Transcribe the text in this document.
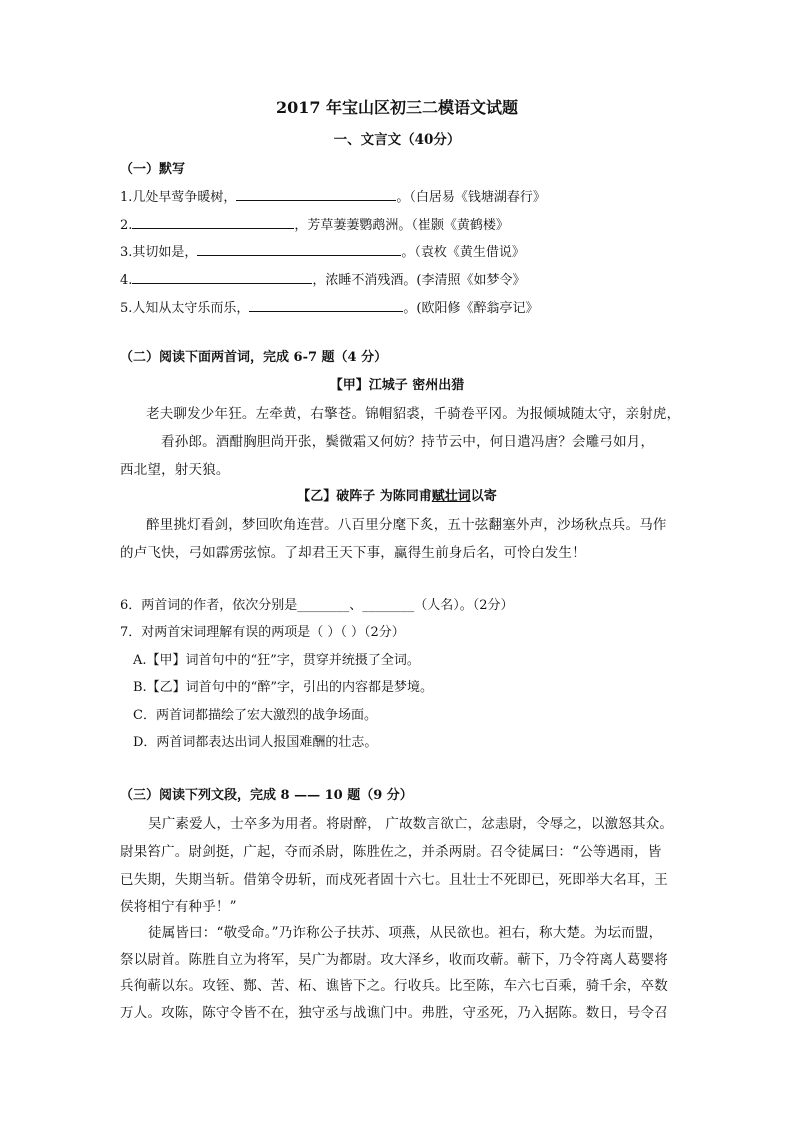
2017 年宝山区初三二模语文试题
一、文言文（40分）
（一）默写
1.几处早莺争暖树，	。（白居易《钱塘湖春行》
2.	，芳草萋萋鹦鹉洲。（崔颢《黄鹤楼》
3.其切如是，	。（袁枚《黄生借说》
4.	，浓睡不消残酒。(李清照《如梦令》
5.人知从太守乐而乐，	。(欧阳修《醉翁亭记》
（二）阅读下面两首词，完成 6-7 题（4 分）
【甲】江城子 密州出猎
老夫聊发少年狂。左牵黄，右擎苍。锦帽貂裘，千骑卷平冈。为报倾城随太守，亲射虎，
看孙郎。酒酣胸胆尚开张，鬓微霜又何妨？持节云中，何日遣冯唐？会雕弓如月，
西北望，射天狼。
【乙】破阵子 为陈同甫赋壮词以寄
醉里挑灯看剑，梦回吹角连营。八百里分麾下炙，五十弦翻塞外声，沙场秋点兵。马作
的卢飞快，弓如霹雳弦惊。了却君王天下事，赢得生前身后名，可怜白发生！
6．两首词的作者，依次分别是________、________（人名）。（2分）
7．对两首宋词理解有误的两项是（ ）（ ）（2分）
A.【甲】词首句中的“狂”字，贯穿并统摄了全词。
B.【乙】词首句中的“醉”字，引出的内容都是梦境。
C．两首词都描绘了宏大激烈的战争场面。
D．两首词都表达出词人报国难酬的壮志。
（三）阅读下列文段，完成 8 —— 10 题（9 分）
吴广素爱人，士卒多为用者。将尉醉， 广故数言欲亡，忿恚尉，令辱之，以激怒其众。
尉果笞广。尉剑挺，广起，夺而杀尉，陈胜佐之，并杀两尉。召令徒属曰：“公等遇雨，皆
已失期，失期当斩。借第令毋斩，而戍死者固十六七。且壮士不死即已，死即举大名耳，王
侯将相宁有种乎！”
徒属皆曰：“敬受命。”乃诈称公子扶苏、项燕，从民欲也。袒右，称大楚。为坛而盟，
祭以尉首。陈胜自立为将军，吴广为都尉。攻大泽乡，收而攻蕲。蕲下，乃令符离人葛婴将
兵徇蕲以东。攻铚、酂、苦、柘、谯皆下之。行收兵。比至陈，车六七百乘，骑千余，卒数
万人。攻陈，陈守令皆不在，独守丞与战谯门中。弗胜，守丞死，乃入据陈。数日，号令召
